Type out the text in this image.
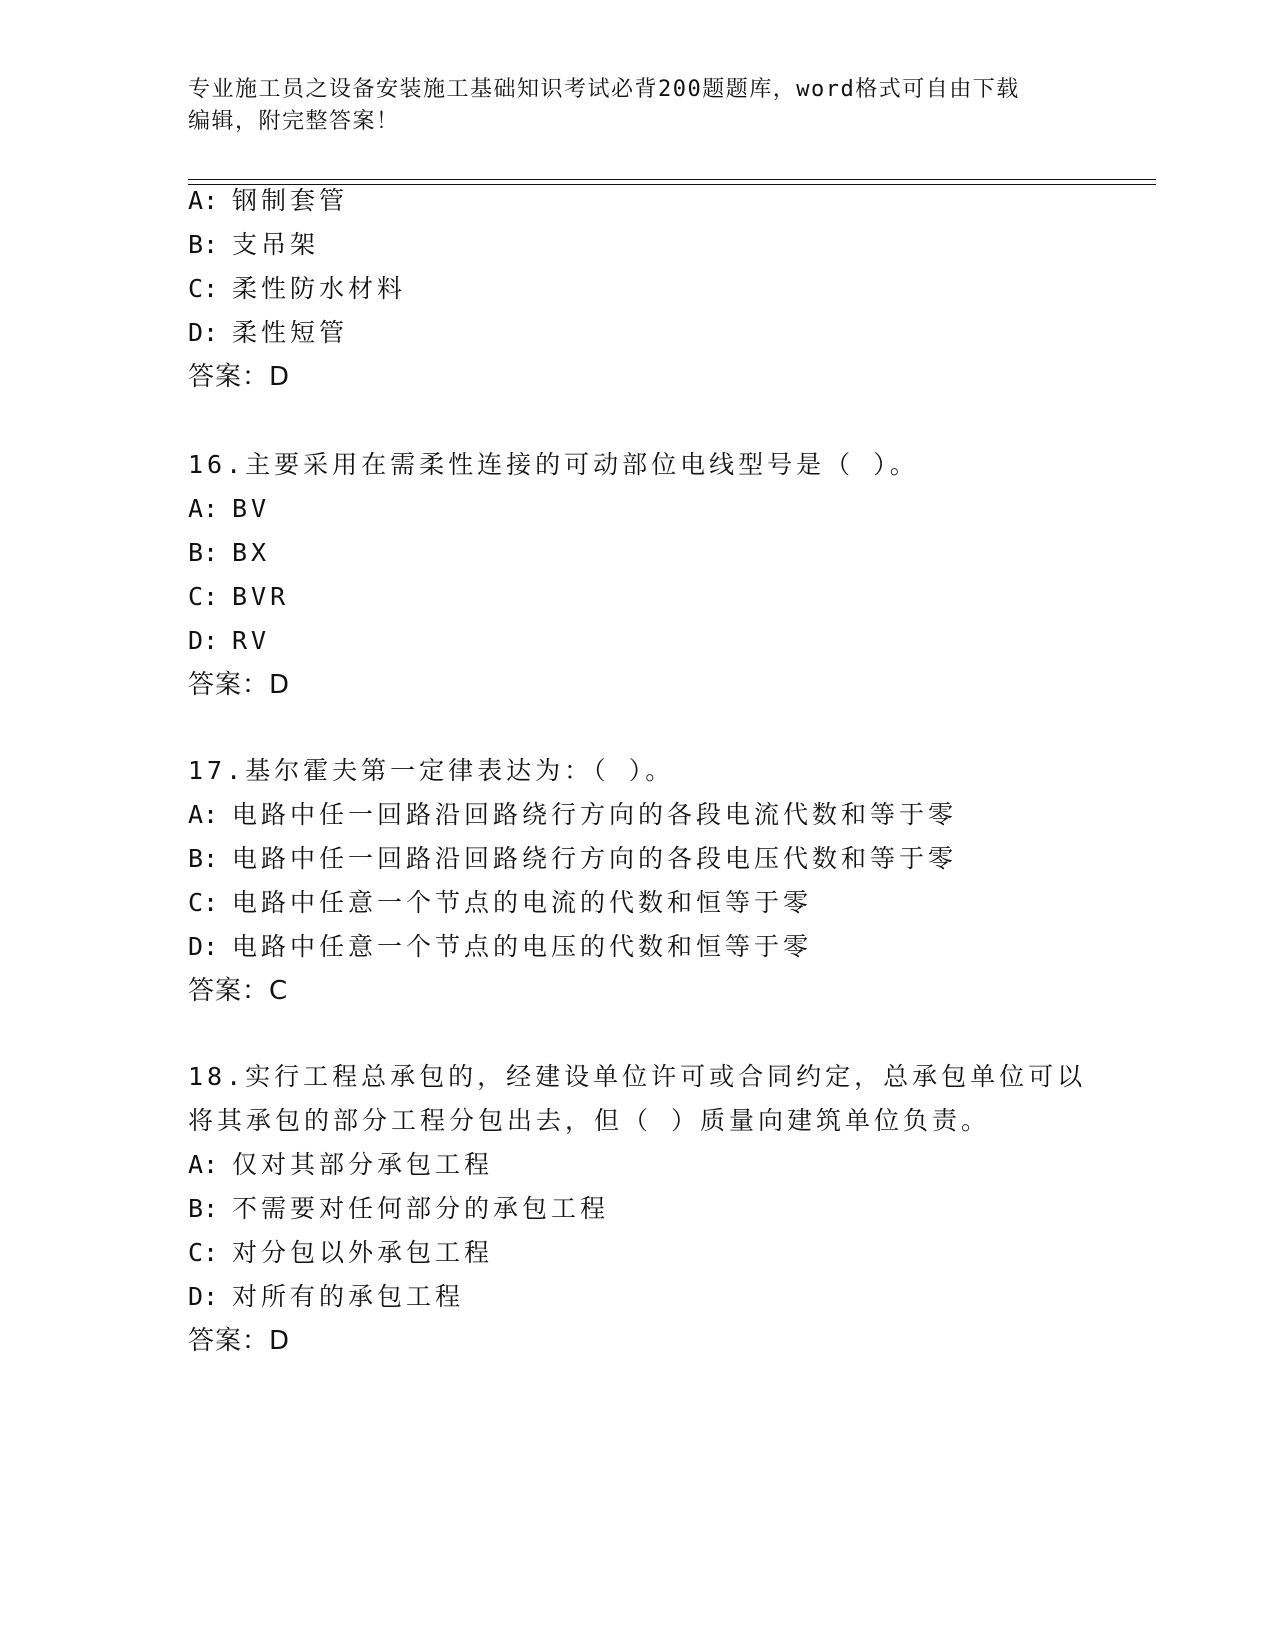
专业施工员之设备安装施工基础知识考试必背200题题库，word格式可自由下载
编辑，附完整答案！
A: 钢制套管
B: 支吊架
C: 柔性防水材料
D: 柔性短管
答案：D
16.主要采用在需柔性连接的可动部位电线型号是（ ）。
A: BV
B: BX
C: BVR
D: RV
答案：D
17.基尔霍夫第一定律表达为：（ ）。
A: 电路中任一回路沿回路绕行方向的各段电流代数和等于零
B: 电路中任一回路沿回路绕行方向的各段电压代数和等于零
C: 电路中任意一个节点的电流的代数和恒等于零
D: 电路中任意一个节点的电压的代数和恒等于零
答案：C
18.实行工程总承包的，经建设单位许可或合同约定，总承包单位可以
将其承包的部分工程分包出去，但（ ）质量向建筑单位负责。
A: 仅对其部分承包工程
B: 不需要对任何部分的承包工程
C: 对分包以外承包工程
D: 对所有的承包工程
答案：D
